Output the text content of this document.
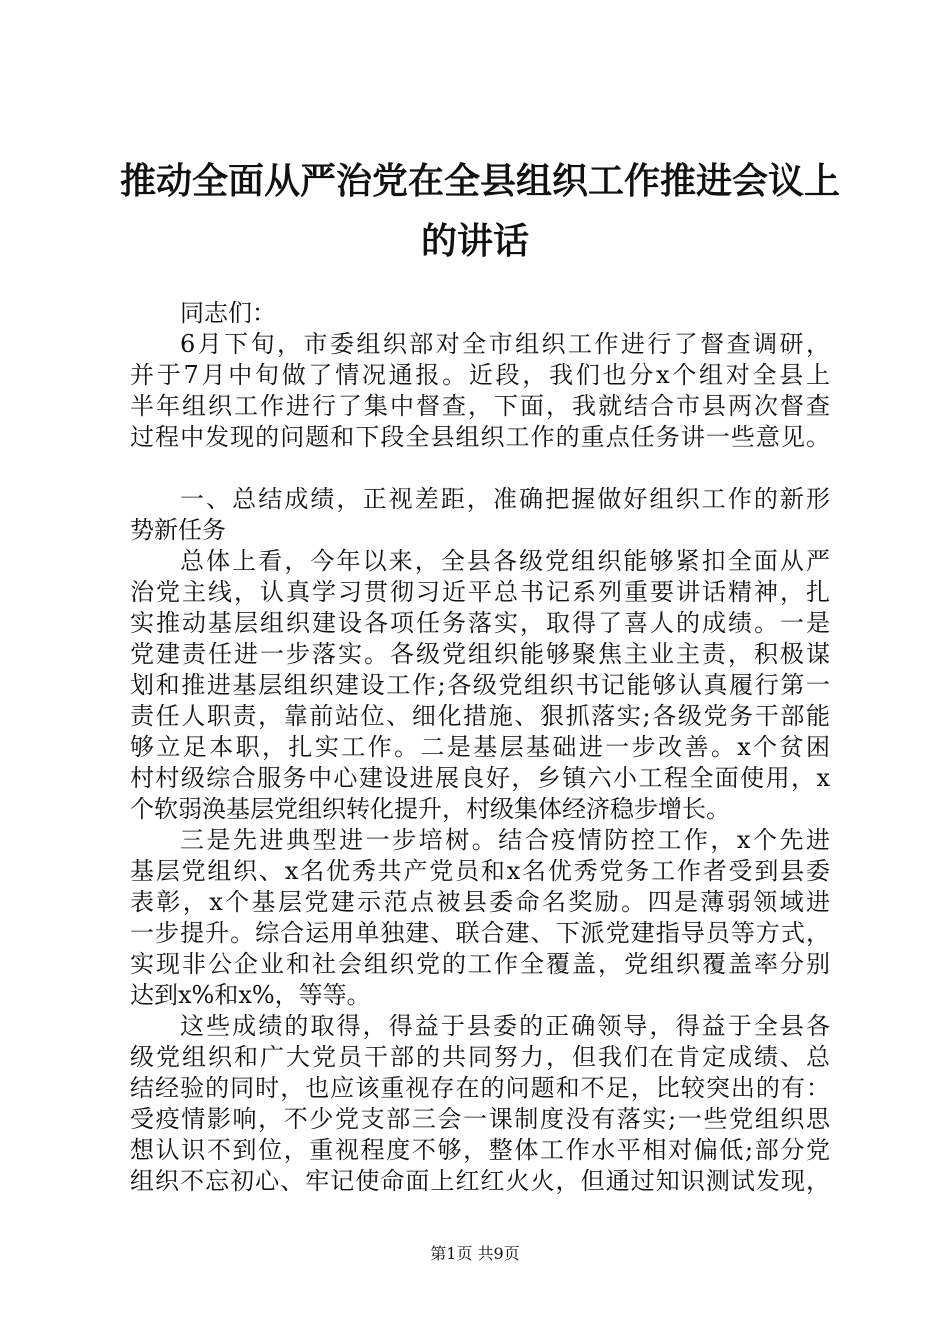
推动全面从严治党在全县组织工作推进会议上
的讲话

同志们：

6月下旬，市委组织部对全市组织工作进行了督查调研，

并于7月中旬做了情况通报。近段，我们也分x个组对全县上

半年组织工作进行了集中督查，下面，我就结合市县两次督查

过程中发现的问题和下段全县组织工作的重点任务讲一些意见。

一、总结成绩，正视差距，准确把握做好组织工作的新形

势新任务

总体上看，今年以来，全县各级党组织能够紧扣全面从严

治党主线，认真学习贯彻习近平总书记系列重要讲话精神，扎

实推动基层组织建设各项任务落实，取得了喜人的成绩。一是

党建责任进一步落实。各级党组织能够聚焦主业主责，积极谋

划和推进基层组织建设工作;各级党组织书记能够认真履行第一

责任人职责，靠前站位、细化措施、狠抓落实;各级党务干部能

够立足本职，扎实工作。二是基层基础进一步改善。x个贫困

村村级综合服务中心建设进展良好，乡镇六小工程全面使用，x

个软弱涣基层党组织转化提升，村级集体经济稳步增长。

三是先进典型进一步培树。结合疫情防控工作，x个先进

基层党组织、x名优秀共产党员和x名优秀党务工作者受到县委

表彰，x个基层党建示范点被县委命名奖励。四是薄弱领域进

一步提升。综合运用单独建、联合建、下派党建指导员等方式，

实现非公企业和社会组织党的工作全覆盖，党组织覆盖率分别

达到x%和x%，等等。

这些成绩的取得，得益于县委的正确领导，得益于全县各

级党组织和广大党员干部的共同努力，但我们在肯定成绩、总

结经验的同时，也应该重视存在的问题和不足，比较突出的有：

受疫情影响，不少党支部三会一课制度没有落实;一些党组织思

想认识不到位，重视程度不够，整体工作水平相对偏低;部分党

组织不忘初心、牢记使命面上红红火火，但通过知识测试发现，

第1页 共9页
